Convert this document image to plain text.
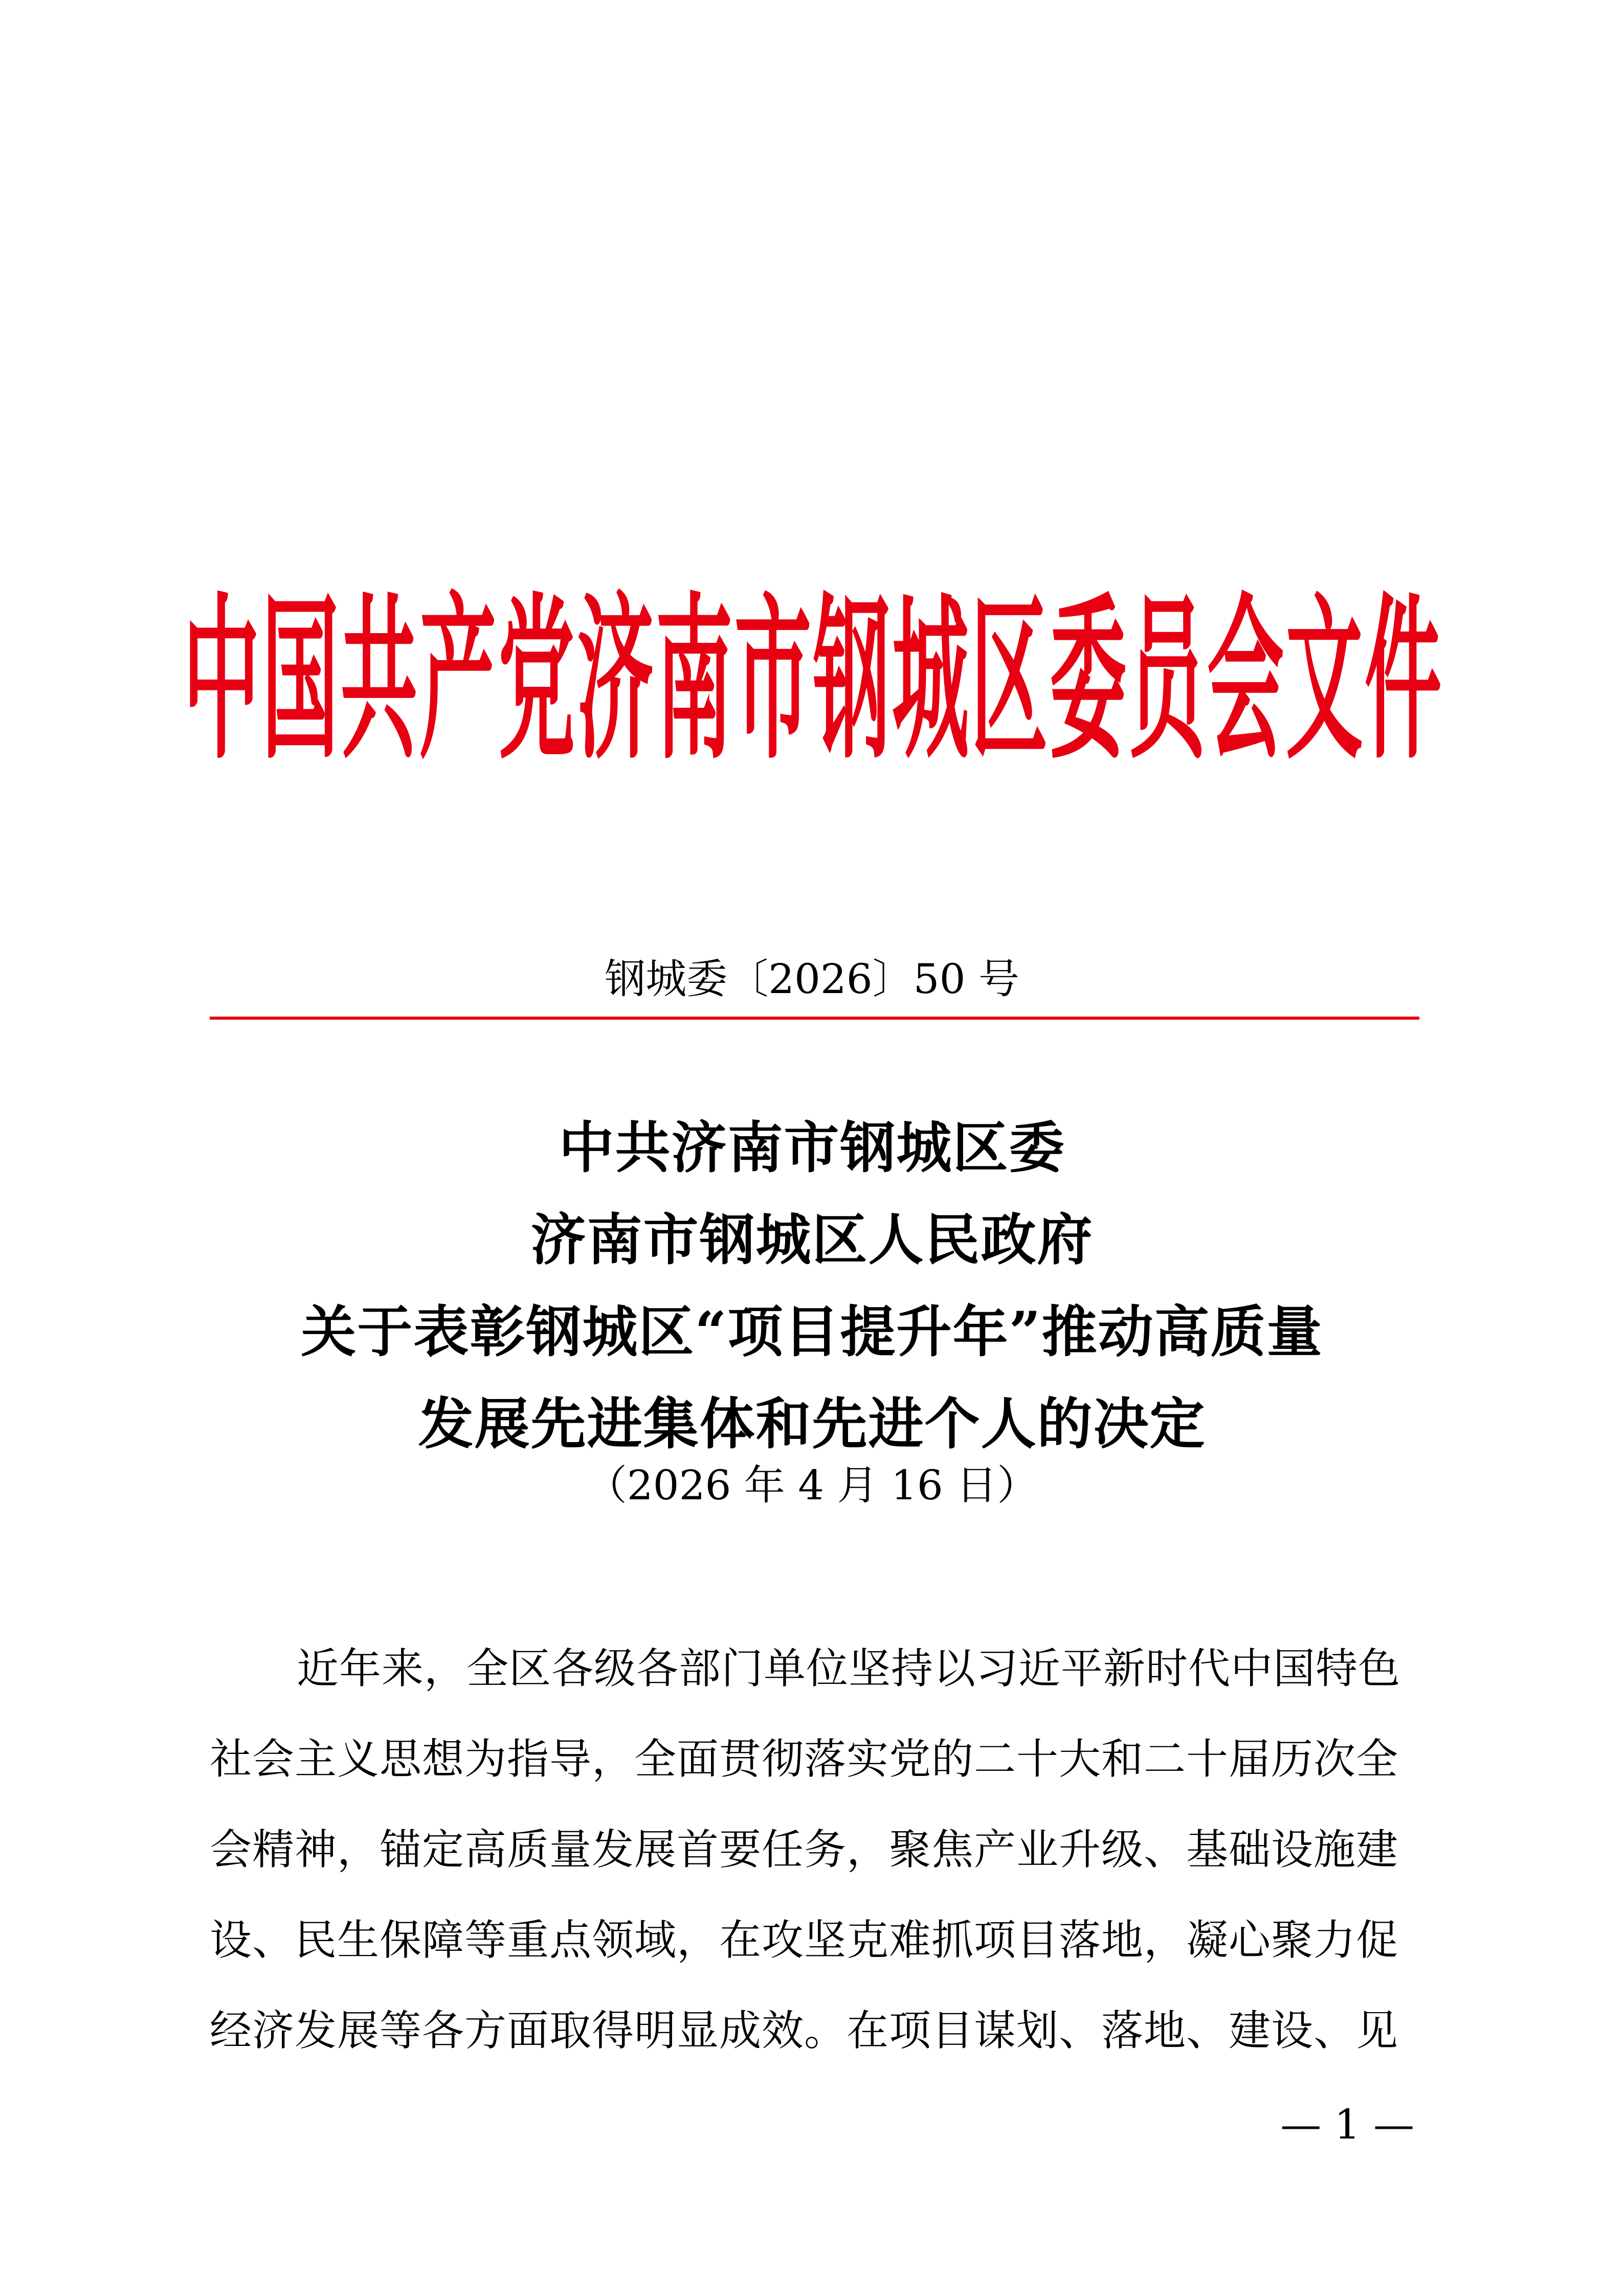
中国共产党济南市钢城区委员会文件
钢城委〔2026〕50 号
中共济南市钢城区委
济南市钢城区人民政府
关于表彰钢城区“项目提升年”推动高质量
发展先进集体和先进个人的决定
（2026 年 4 月 16 日）
近年来，全区各级各部门单位坚持以习近平新时代中国特色
社会主义思想为指导，全面贯彻落实党的二十大和二十届历次全
会精神，锚定高质量发展首要任务，聚焦产业升级、基础设施建
设、民生保障等重点领域，在攻坚克难抓项目落地，凝心聚力促
经济发展等各方面取得明显成效。在项目谋划、落地、建设、见
— 1 —
